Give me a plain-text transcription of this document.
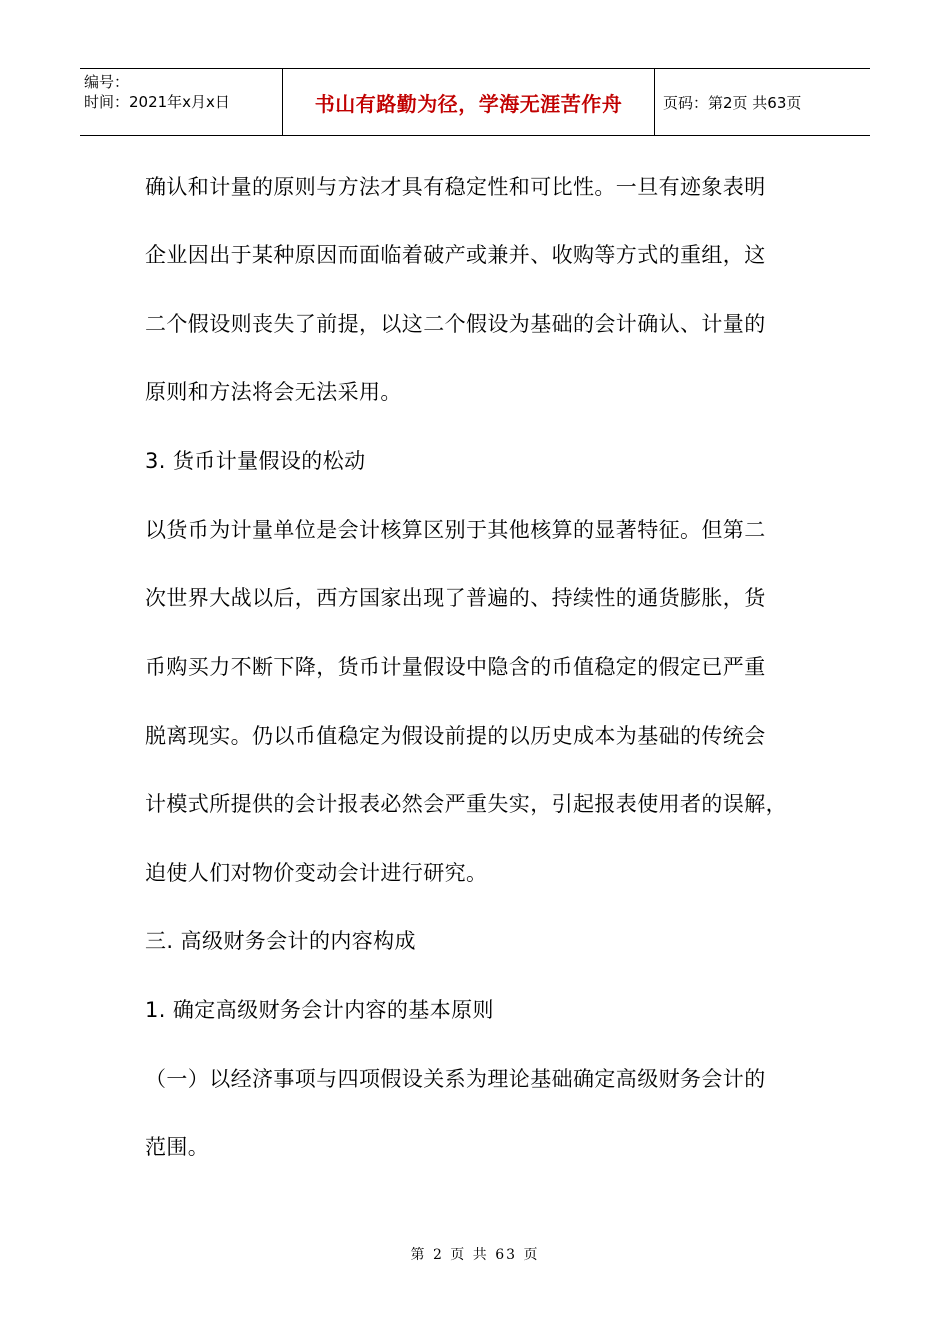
编号：
时间：2021年x月x日	书山有路勤为径，学海无涯苦作舟	页码：第2页 共63页
确认和计量的原则与方法才具有稳定性和可比性。一旦有迹象表明
企业因出于某种原因而面临着破产或兼并、收购等方式的重组，这
二个假设则丧失了前提，以这二个假设为基础的会计确认、计量的
原则和方法将会无法采用。
3. 货币计量假设的松动
以货币为计量单位是会计核算区别于其他核算的显著特征。但第二
次世界大战以后，西方国家出现了普遍的、持续性的通货膨胀，货
币购买力不断下降，货币计量假设中隐含的币值稳定的假定已严重
脱离现实。仍以币值稳定为假设前提的以历史成本为基础的传统会
计模式所提供的会计报表必然会严重失实，引起报表使用者的误解，
迫使人们对物价变动会计进行研究。
三. 高级财务会计的内容构成
1. 确定高级财务会计内容的基本原则
（一）以经济事项与四项假设关系为理论基础确定高级财务会计的
范围。
第 2 页 共 63 页
